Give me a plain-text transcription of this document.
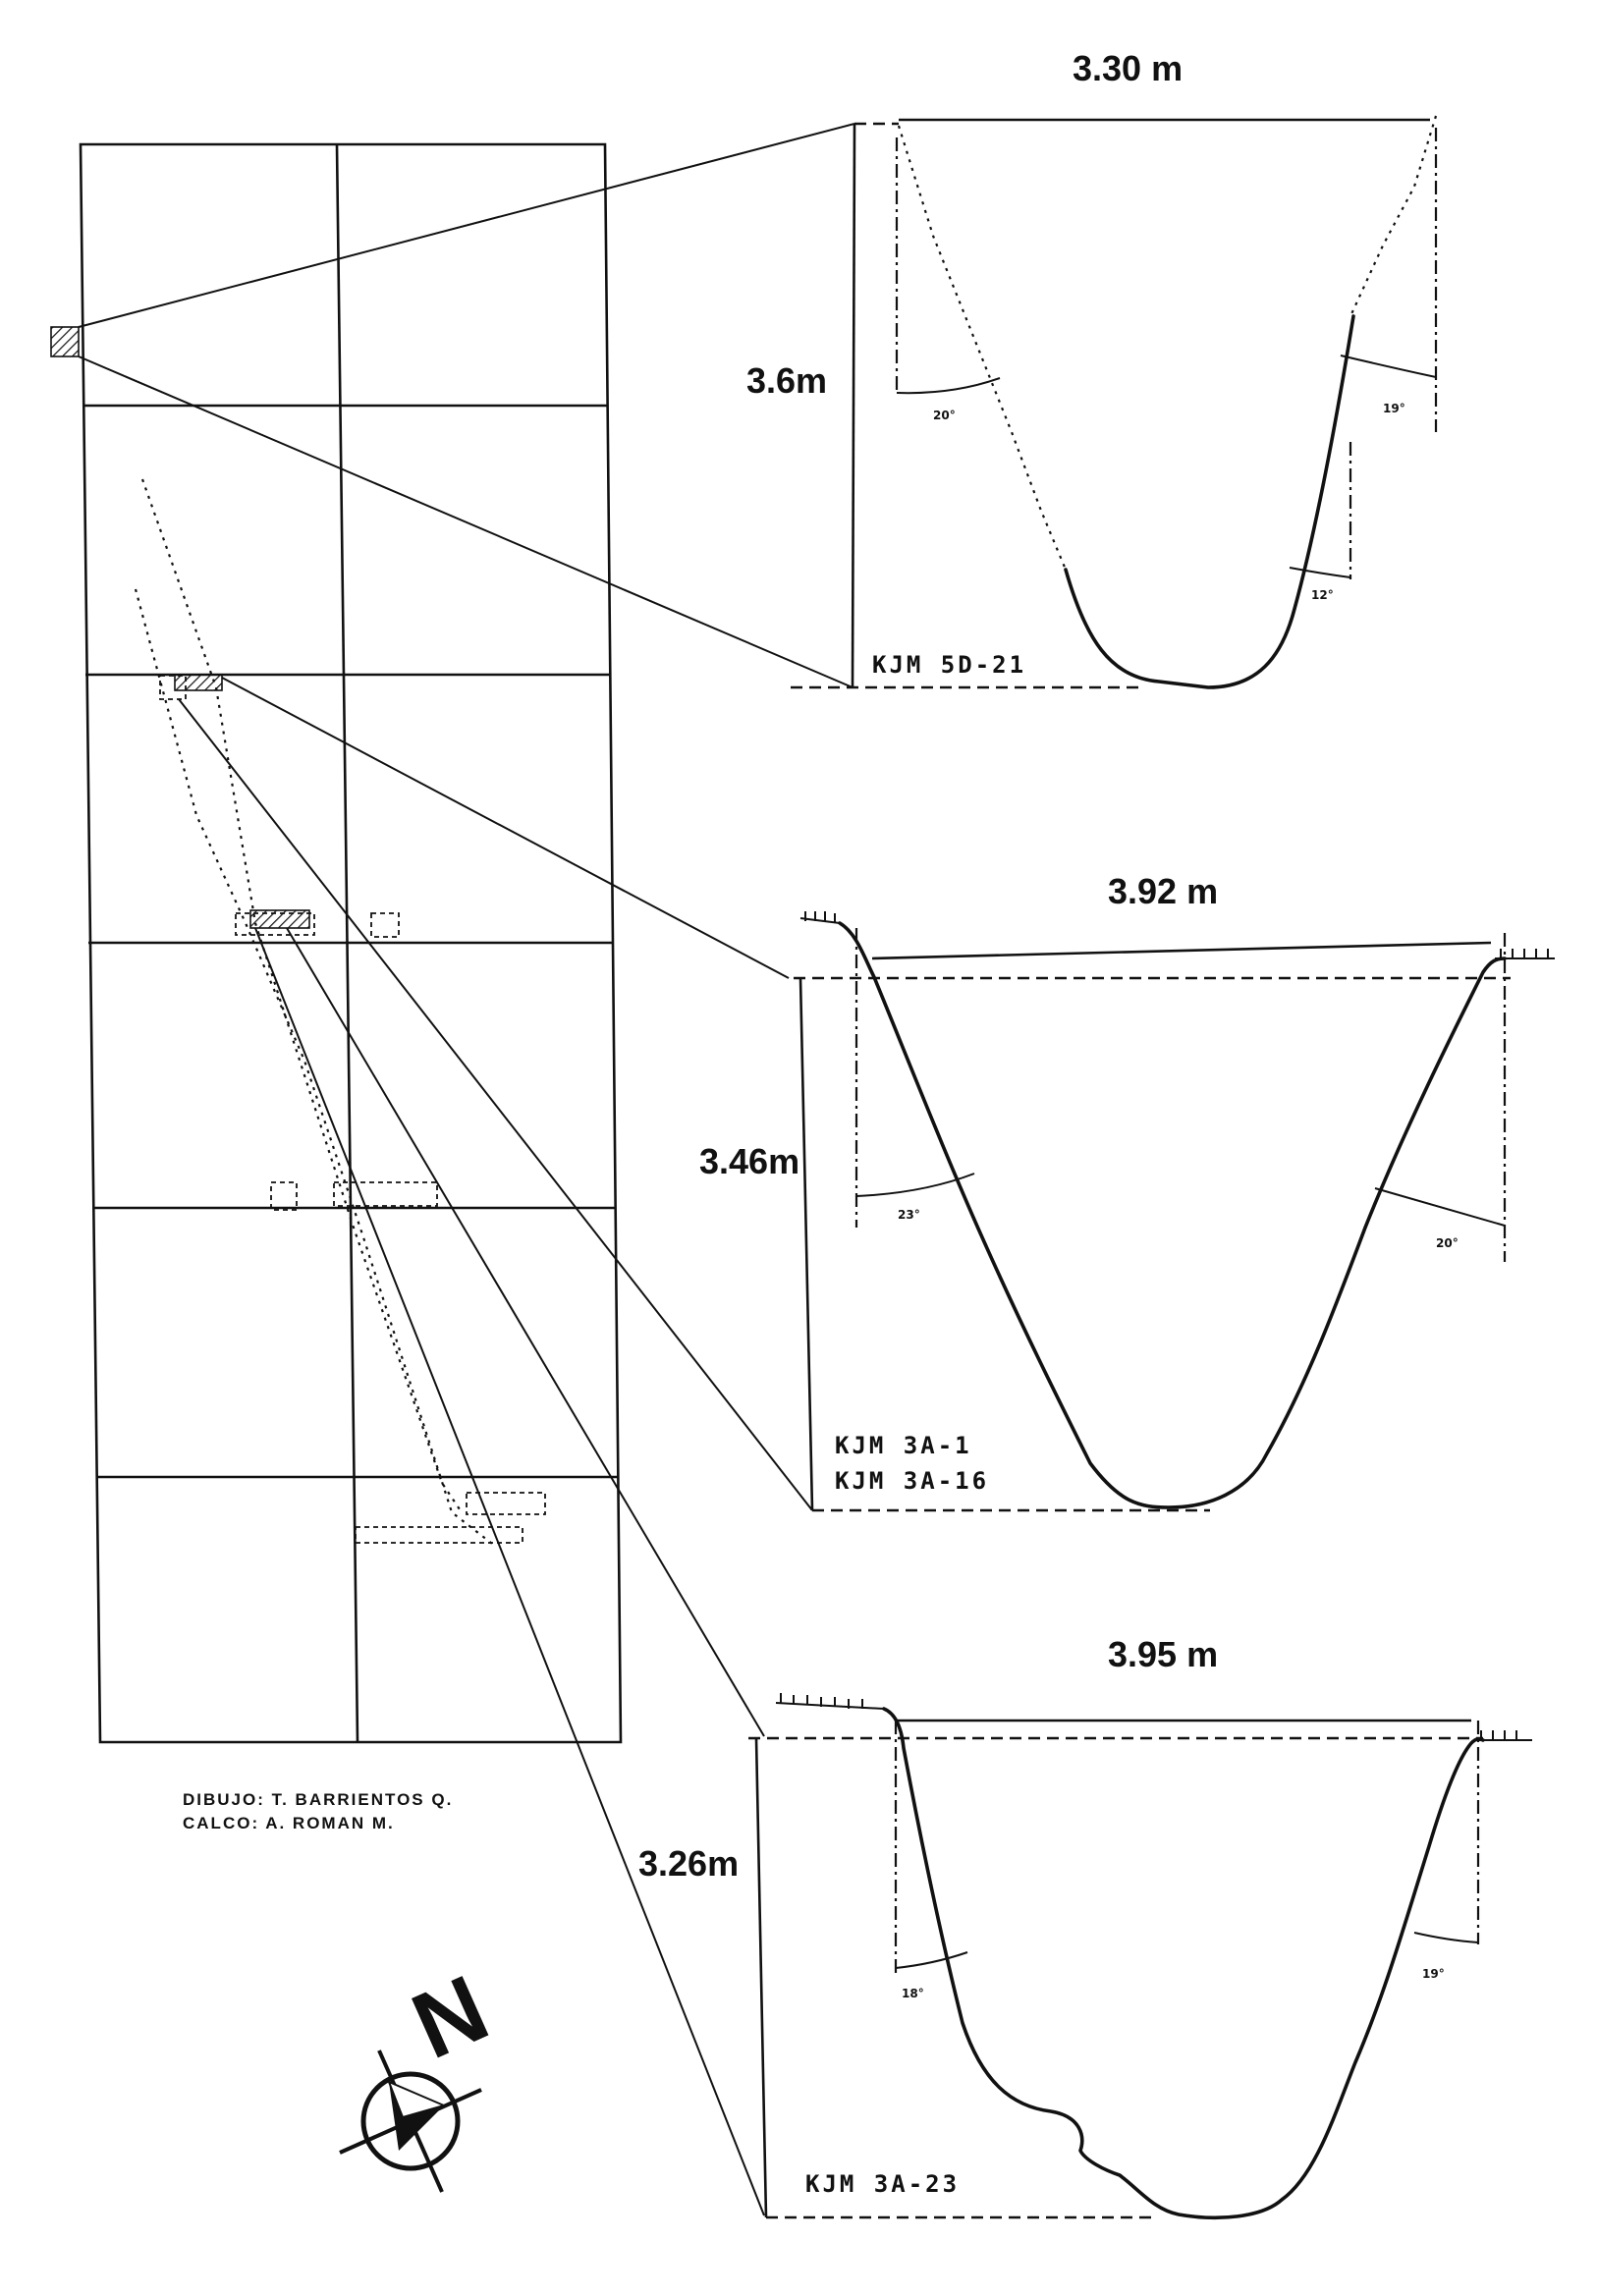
20°	19°
12°
3.30 m
3.6m
KJM 5D-21
23°
20°
3.92 m
3.46m
KJM 3A-1
KJM 3A-16
18°
19°
3.95 m
3.26m
KJM 3A-23
DIBUJO: T. BARRIENTOS Q.
CALCO: A. ROMAN M.
N
